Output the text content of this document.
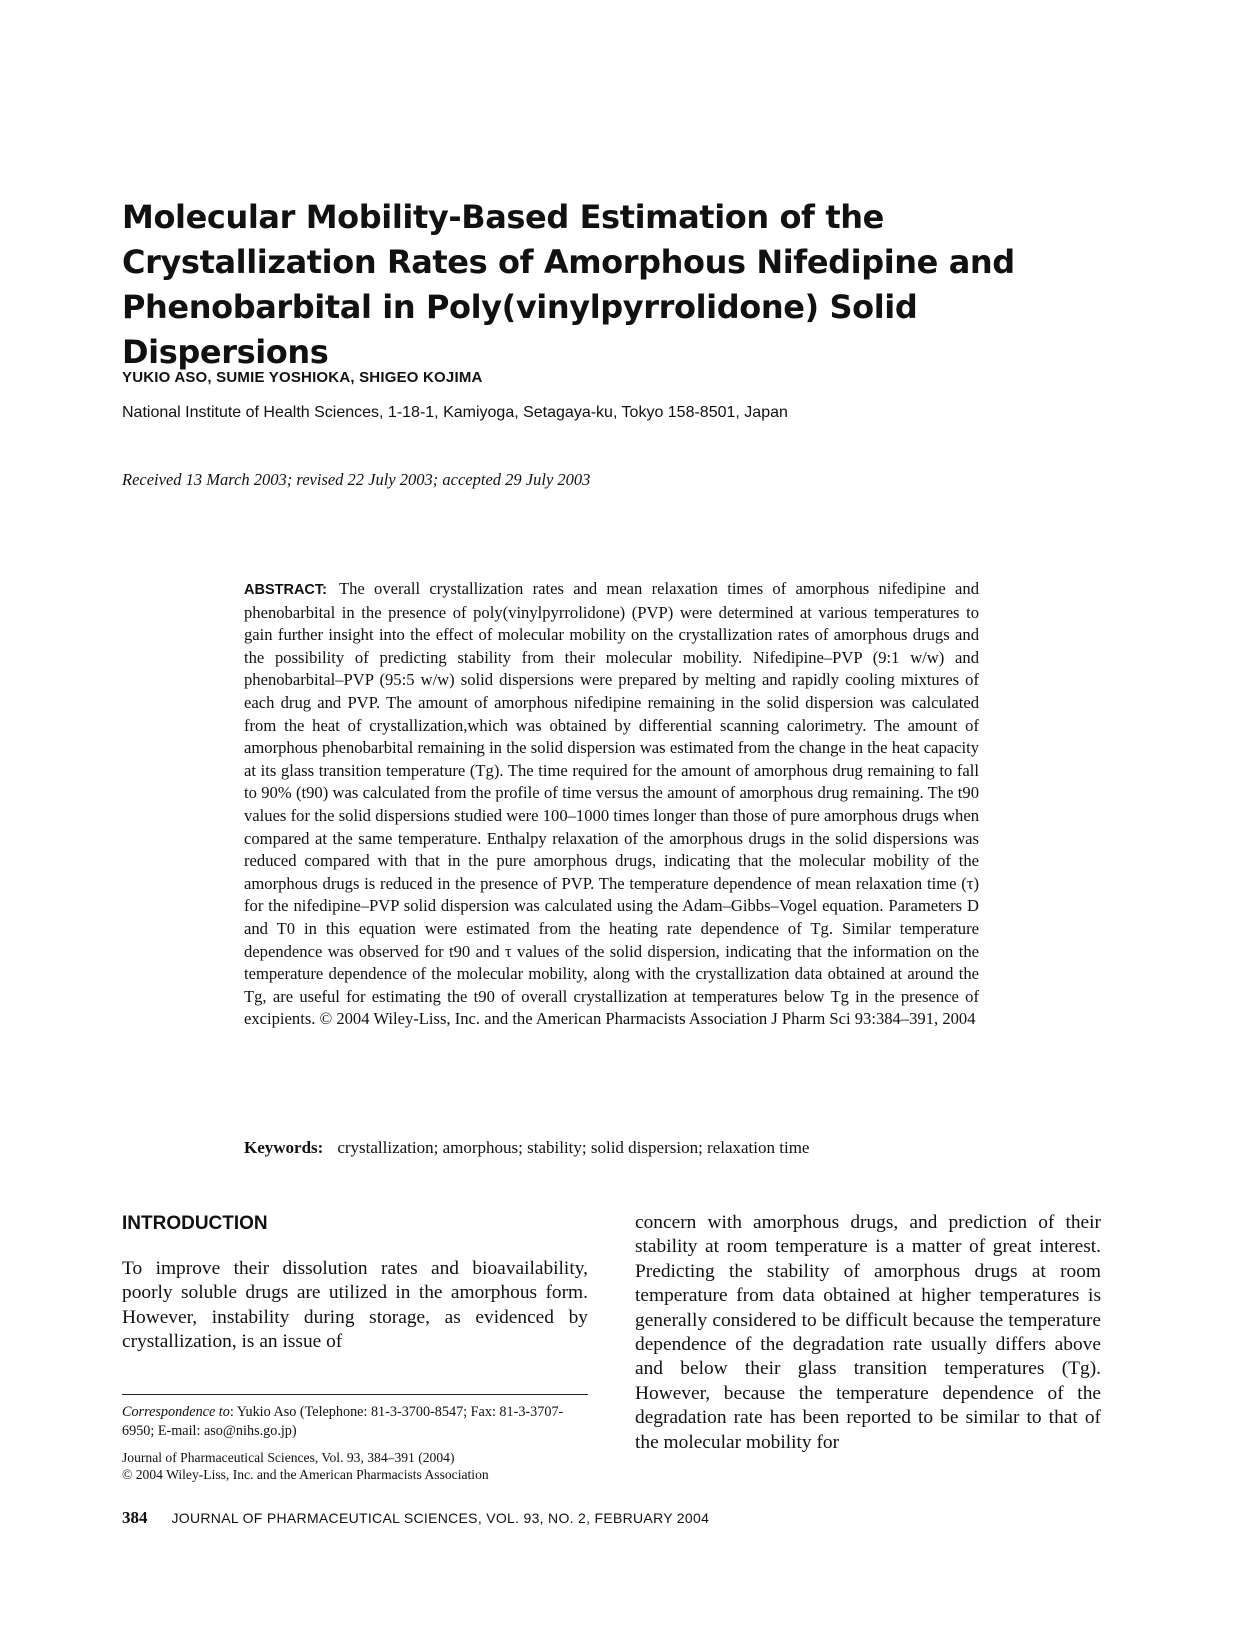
Molecular Mobility-Based Estimation of the Crystallization Rates of Amorphous Nifedipine and Phenobarbital in Poly(vinylpyrrolidone) Solid Dispersions
YUKIO ASO, SUMIE YOSHIOKA, SHIGEO KOJIMA
National Institute of Health Sciences, 1-18-1, Kamiyoga, Setagaya-ku, Tokyo 158-8501, Japan
Received 13 March 2003; revised 22 July 2003; accepted 29 July 2003
ABSTRACT: The overall crystallization rates and mean relaxation times of amorphous nifedipine and phenobarbital in the presence of poly(vinylpyrrolidone) (PVP) were determined at various temperatures to gain further insight into the effect of molecular mobility on the crystallization rates of amorphous drugs and the possibility of predicting stability from their molecular mobility. Nifedipine–PVP (9:1 w/w) and phenobarbital–PVP (95:5 w/w) solid dispersions were prepared by melting and rapidly cooling mixtures of each drug and PVP. The amount of amorphous nifedipine remaining in the solid dispersion was calculated from the heat of crystallization,which was obtained by differential scanning calorimetry. The amount of amorphous phenobarbital remaining in the solid dispersion was estimated from the change in the heat capacity at its glass transition temperature (Tg). The time required for the amount of amorphous drug remaining to fall to 90% (t90) was calculated from the profile of time versus the amount of amorphous drug remaining. The t90 values for the solid dispersions studied were 100–1000 times longer than those of pure amorphous drugs when compared at the same temperature. Enthalpy relaxation of the amorphous drugs in the solid dispersions was reduced compared with that in the pure amorphous drugs, indicating that the molecular mobility of the amorphous drugs is reduced in the presence of PVP. The temperature dependence of mean relaxation time (τ) for the nifedipine–PVP solid dispersion was calculated using the Adam–Gibbs–Vogel equation. Parameters D and T0 in this equation were estimated from the heating rate dependence of Tg. Similar temperature dependence was observed for t90 and τ values of the solid dispersion, indicating that the information on the temperature dependence of the molecular mobility, along with the crystallization data obtained at around the Tg, are useful for estimating the t90 of overall crystallization at temperatures below Tg in the presence of excipients. © 2004 Wiley-Liss, Inc. and the American Pharmacists Association J Pharm Sci 93:384–391, 2004
Keywords: crystallization; amorphous; stability; solid dispersion; relaxation time
INTRODUCTION
To improve their dissolution rates and bioavailability, poorly soluble drugs are utilized in the amorphous form. However, instability during storage, as evidenced by crystallization, is an issue of
concern with amorphous drugs, and prediction of their stability at room temperature is a matter of great interest. Predicting the stability of amorphous drugs at room temperature from data obtained at higher temperatures is generally considered to be difficult because the temperature dependence of the degradation rate usually differs above and below their glass transition temperatures (Tg). However, because the temperature dependence of the degradation rate has been reported to be similar to that of the molecular mobility for
Correspondence to: Yukio Aso (Telephone: 81-3-3700-8547; Fax: 81-3-3707-6950; E-mail: aso@nihs.go.jp)
Journal of Pharmaceutical Sciences, Vol. 93, 384–391 (2004)
© 2004 Wiley-Liss, Inc. and the American Pharmacists Association
384 JOURNAL OF PHARMACEUTICAL SCIENCES, VOL. 93, NO. 2, FEBRUARY 2004
